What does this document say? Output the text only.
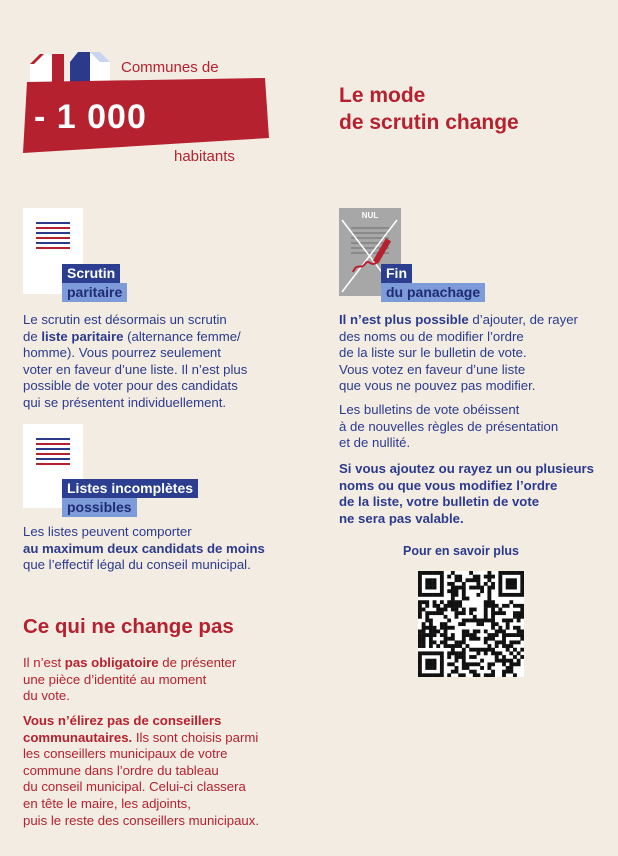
Communes de
- 1 000
habitants
Le mode
de scrutin change
Scrutin
paritaire

Le scrutin est désormais un scrutin

de liste paritaire (alternance femme/

homme). Vous pourrez seulement

voter en faveur d’une liste. Il n’est plus

possible de voter pour des candidats

qui se présentent individuellement.

Listes incomplètes
possibles

Les listes peuvent comporter

au maximum deux candidats de moins

que l’effectif légal du conseil municipal.

NUL
Fin
du panachage

Il n’est plus possible d’ajouter, de rayer

des noms ou de modifier l’ordre

de la liste sur le bulletin de vote.

Vous votez en faveur d’une liste

que vous ne pouvez pas modifier.

Les bulletins de vote obéissent

à de nouvelles règles de présentation

et de nullité.

Si vous ajoutez ou rayez un ou plusieurs

noms ou que vous modifiez l’ordre

de la liste, votre bulletin de vote

ne sera pas valable.

Pour en savoir plus
Ce qui ne change pas

Il n’est pas obligatoire de présenter

une pièce d’identité au moment

du vote.

Vous n’élirez pas de conseillers

communautaires. Ils sont choisis parmi

les conseillers municipaux de votre

commune dans l’ordre du tableau

du conseil municipal. Celui-ci classera

en tête le maire, les adjoints,

puis le reste des conseillers municipaux.
